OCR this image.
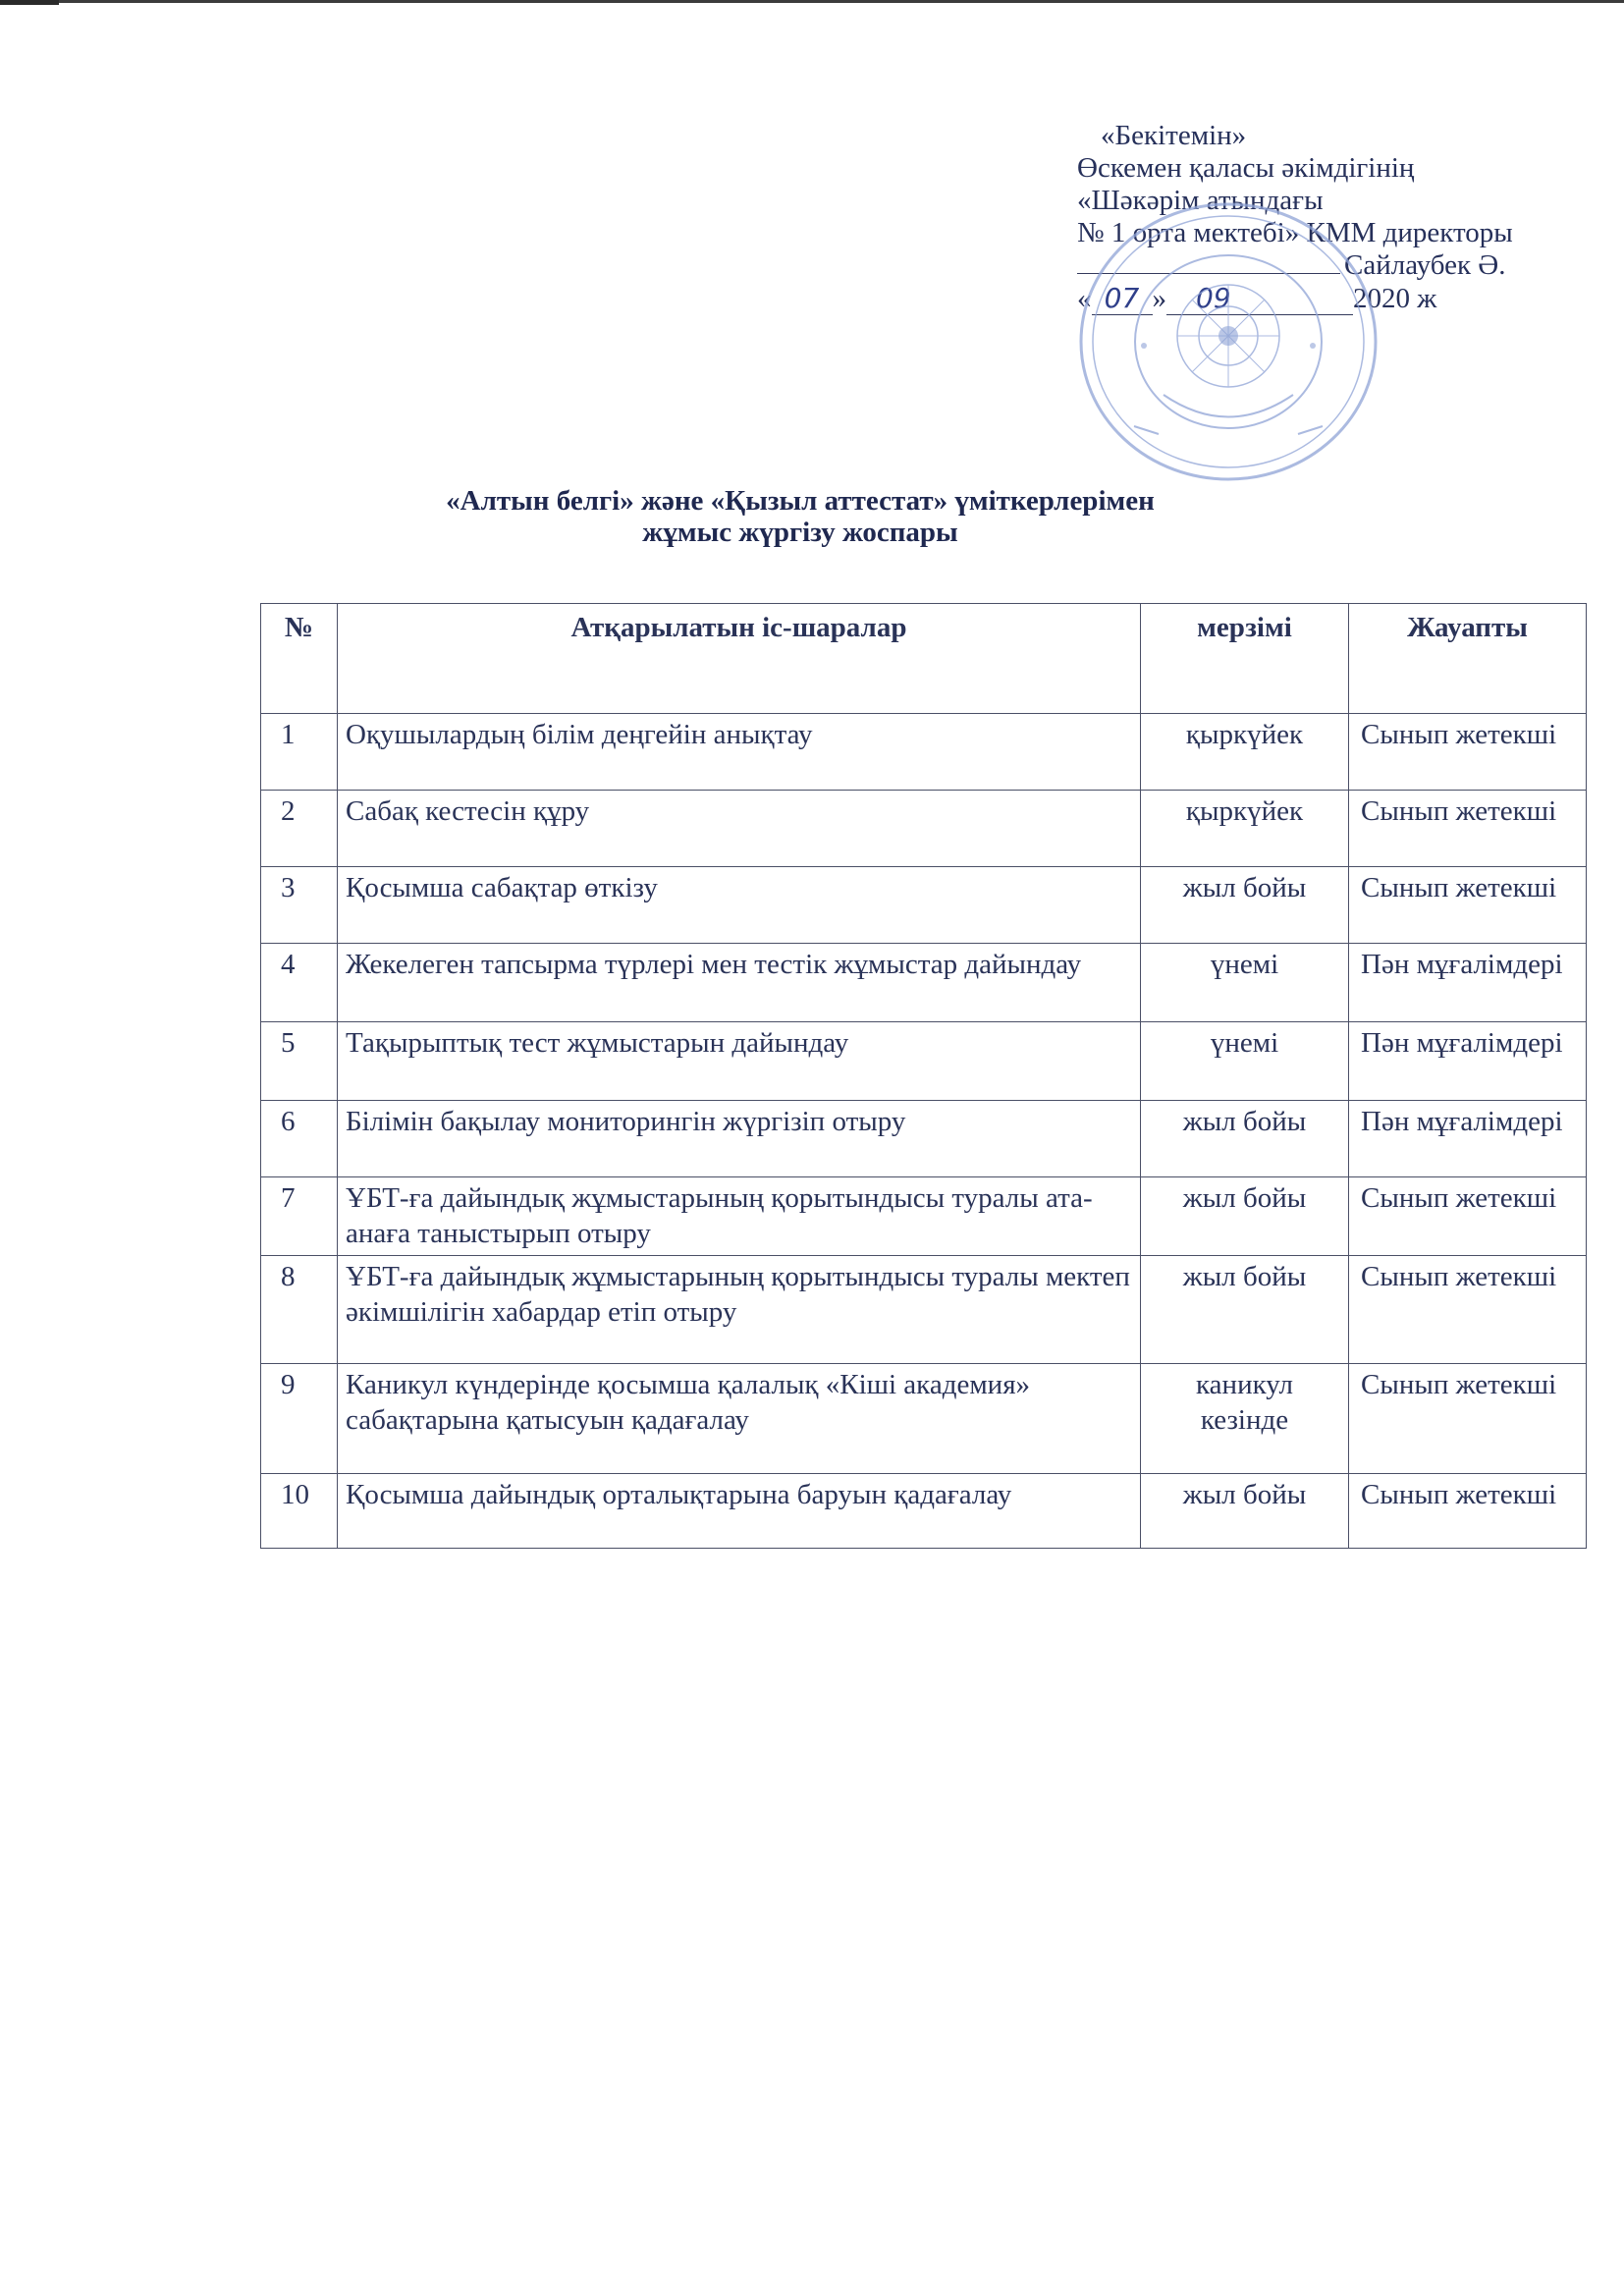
«Бекітемін»
Өскемен қаласы әкімдігінің
«Шәкәрім атындағы
№ 1 орта мектебі» КММ директоры
Сайлаубек Ә.
« 07 » 09	2020 ж
«Алтын белгі» және «Қызыл аттестат» үміткерлерімен
жұмыс жүргізу жоспары
№	Атқарылатын іс-шаралар	мерзімі	Жауапты
1	Оқушылардың білім деңгейін анықтау	қыркүйек	Сынып жетекші
2	Сабақ кестесін құру	қыркүйек	Сынып жетекші
3	Қосымша сабақтар өткізу	жыл бойы	Сынып жетекші
4	Жекелеген тапсырма түрлері мен тестік жұмыстар дайындау	үнемі	Пән мұғалімдері
5	Тақырыптық тест жұмыстарын дайындау	үнемі	Пән мұғалімдері
6	Білімін бақылау мониторингін жүргізіп отыру	жыл бойы	Пән мұғалімдері
7	ҰБТ-ға дайындық жұмыстарының қорытындысы туралы ата-анаға таныстырып отыру	жыл бойы	Сынып жетекші
8	ҰБТ-ға дайындық жұмыстарының қорытындысы туралы мектеп әкімшілігін хабардар етіп отыру	жыл бойы	Сынып жетекші
9	Каникул күндерінде қосымша қалалық «Кіші академия» сабақтарына қатысуын қадағалау	каникул кезінде	Сынып жетекші
10	Қосымша дайындық орталықтарына баруын қадағалау	жыл бойы	Сынып жетекші
